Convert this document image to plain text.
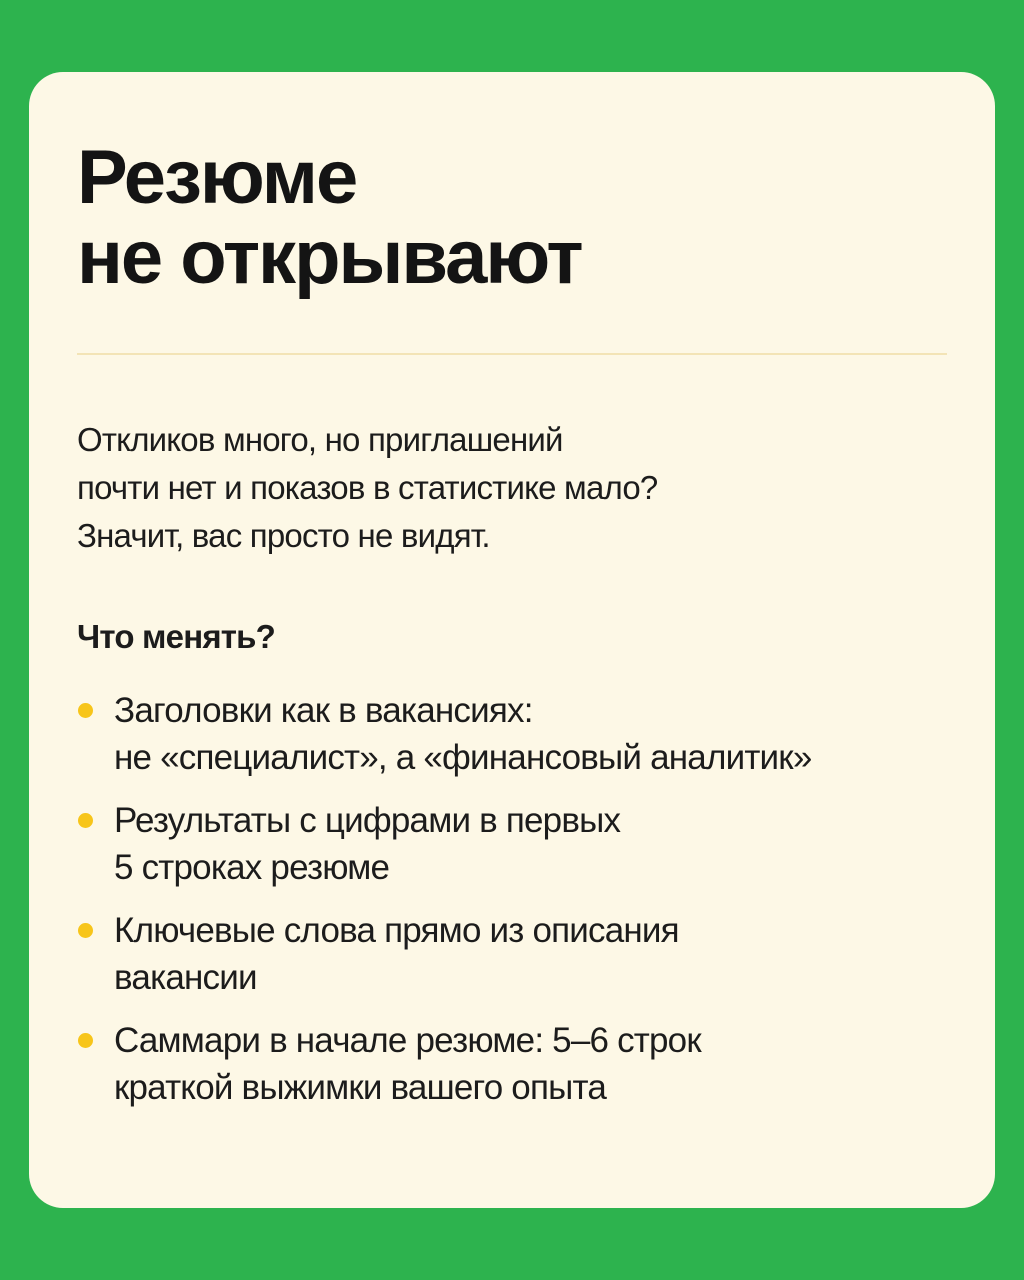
Резюме
не открывают

Откликов много, но приглашений
почти нет и показов в статистике мало?
Значит, вас просто не видят.

Что менять?
Заголовки как в вакансиях:
не «специалист», а «финансовый аналитик»
Результаты с цифрами в первых
5 строках резюме
Ключевые слова прямо из описания
вакансии
Саммари в начале резюме: 5–6 строк
краткой выжимки вашего опыта
